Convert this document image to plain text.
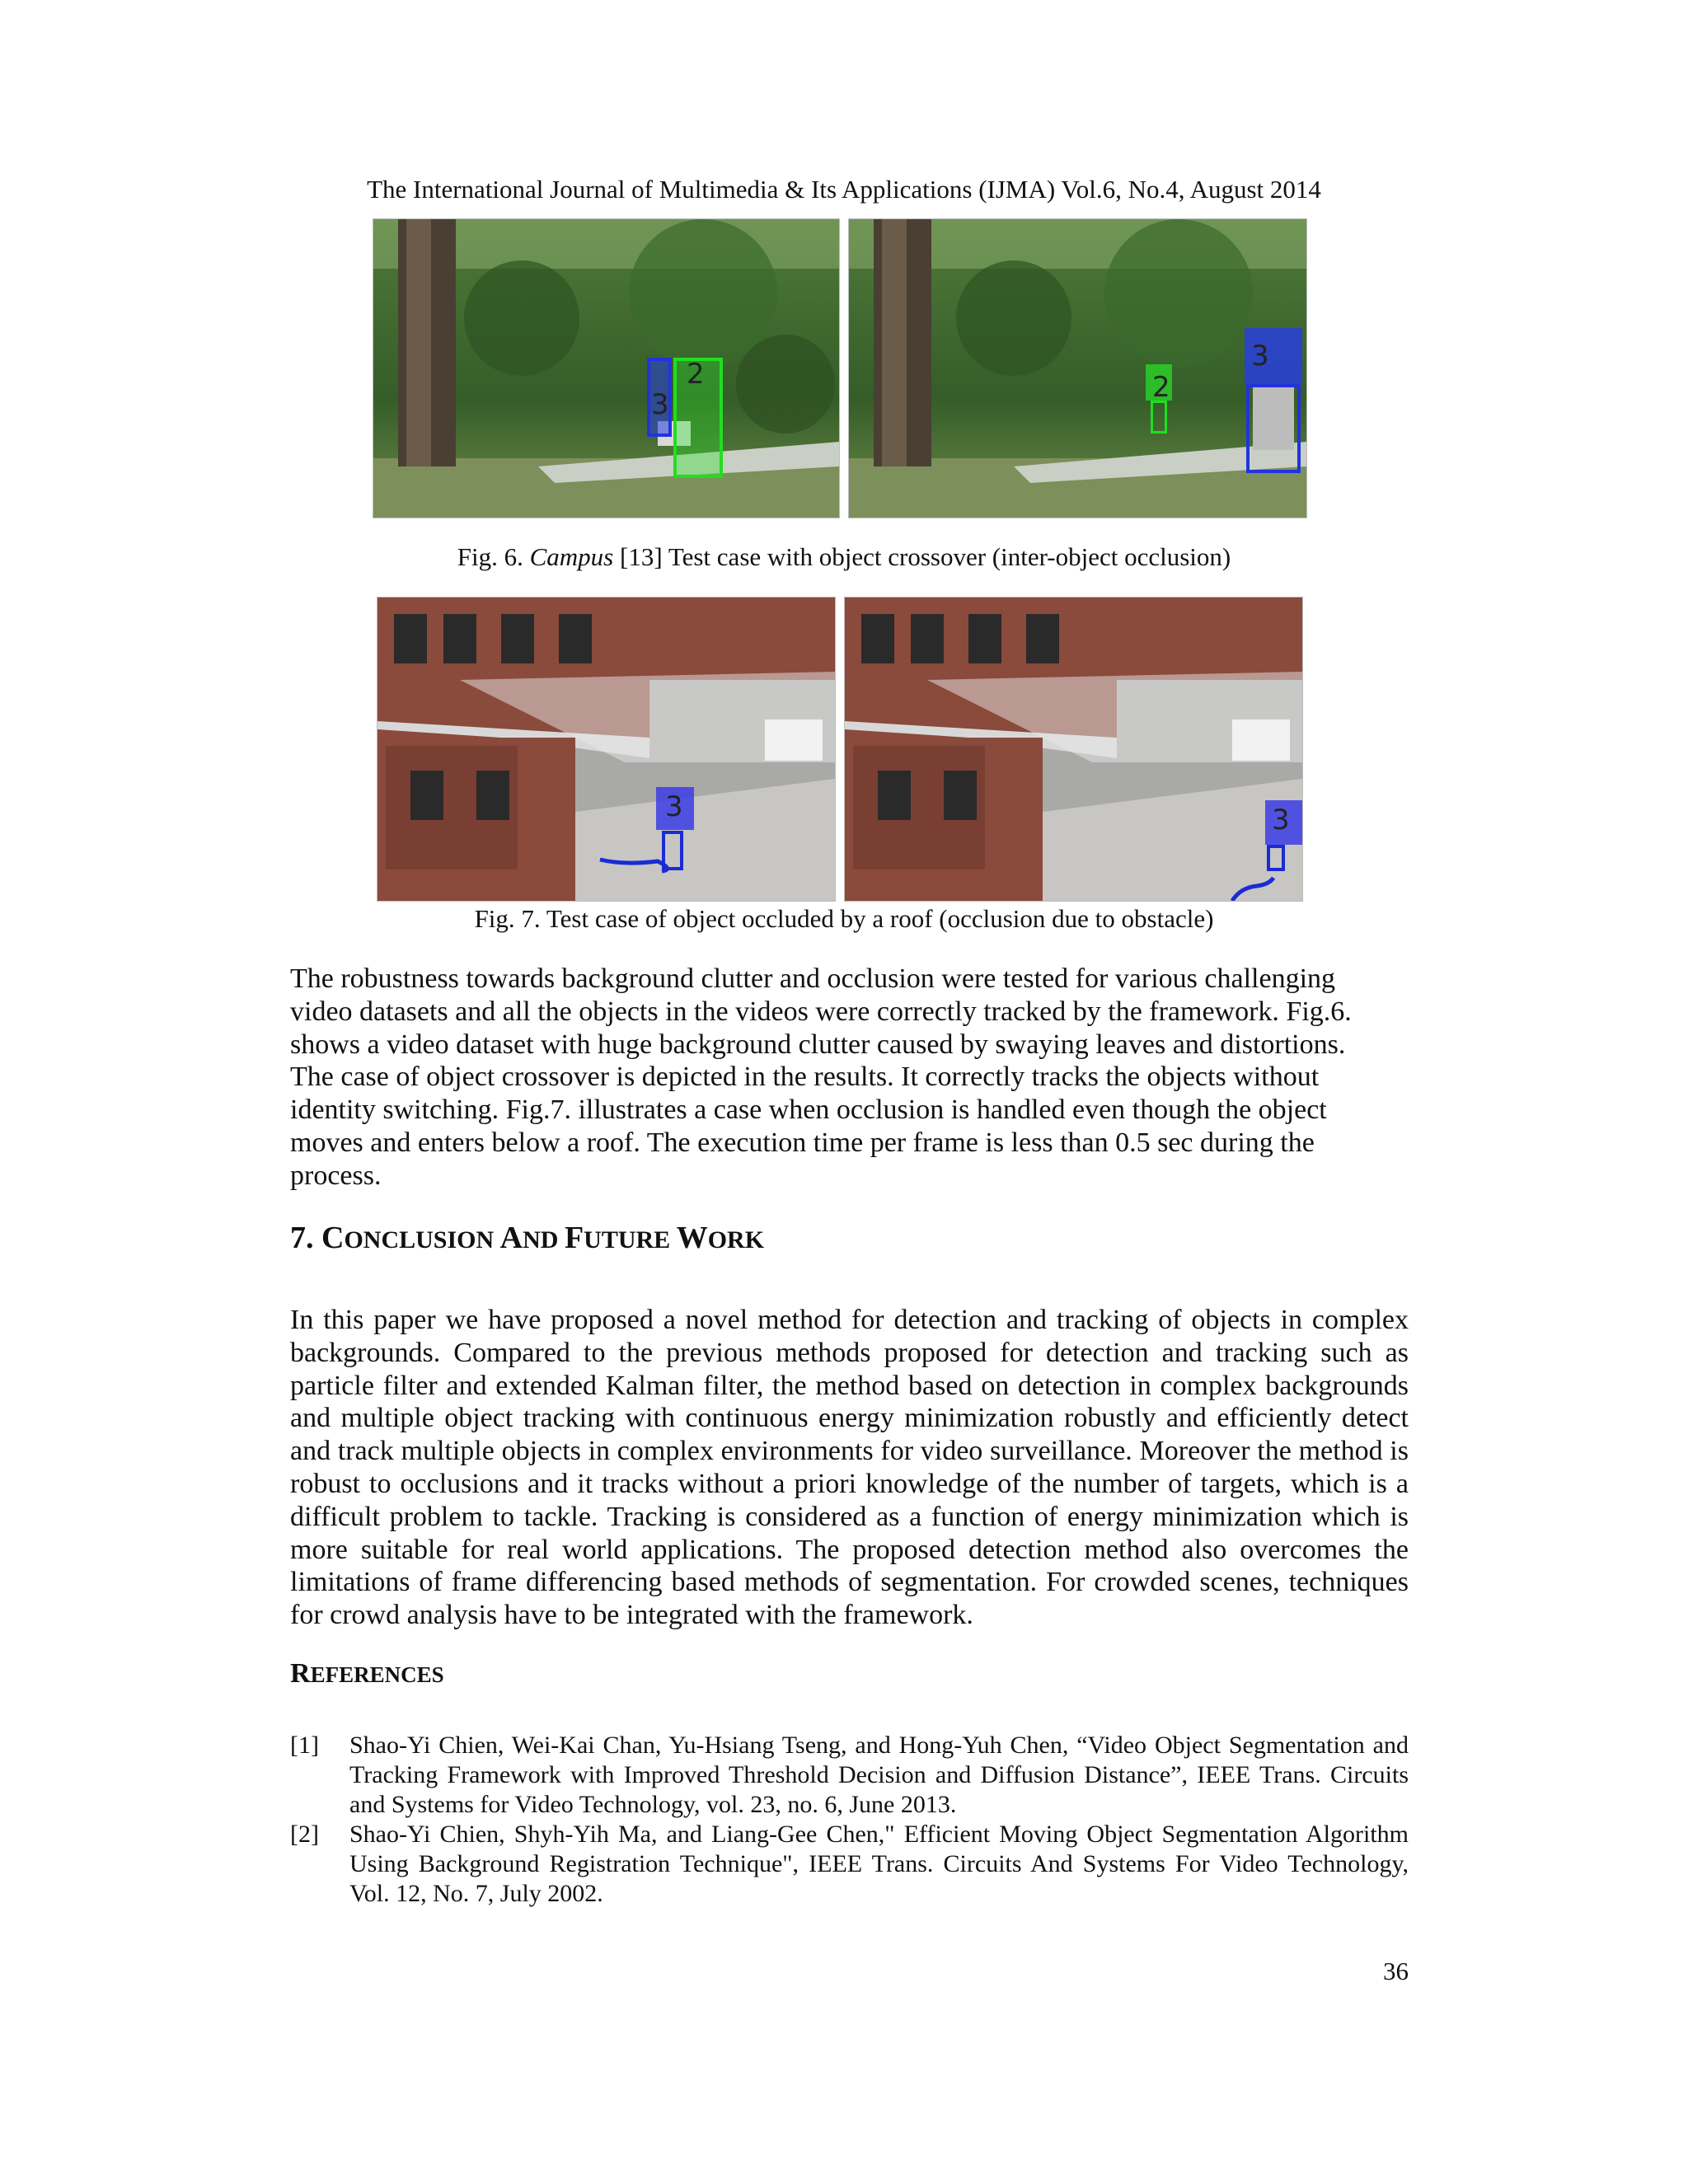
The International Journal of Multimedia & Its Applications (IJMA) Vol.6, No.4, August 2014
3
2	2
3
Fig. 6. Campus [13] Test case with object crossover (inter-object occlusion)
3	3
Fig. 7. Test case of object occluded by a roof (occlusion due to obstacle)

The robustness towards background clutter and occlusion were tested for various challenging video datasets and all the objects in the videos were correctly tracked by the framework. Fig.6. shows a video dataset with huge background clutter caused by swaying leaves and distortions. The case of object crossover is depicted in the results. It correctly tracks the objects without identity switching. Fig.7. illustrates a case when occlusion is handled even though the object moves and enters below a roof. The execution time per frame is less than 0.5 sec during the process.

7. CONCLUSION AND FUTURE WORK

In this paper we have proposed a novel method for detection and tracking of objects in complex backgrounds. Compared to the previous methods proposed for detection and tracking such as particle filter and extended Kalman filter, the method based on detection in complex backgrounds and multiple object tracking with continuous energy minimization robustly and efficiently detect and track multiple objects in complex environments for video surveillance. Moreover the method is robust to occlusions and it tracks without a priori knowledge of the number of targets, which is a difficult problem to tackle. Tracking is considered as a function of energy minimization which is more suitable for real world applications. The proposed detection method also overcomes the limitations of frame differencing based methods of segmentation. For crowded scenes, techniques for crowd analysis have to be integrated with the framework.

REFERENCES
[1]	Shao-Yi Chien, Wei-Kai Chan, Yu-Hsiang Tseng, and Hong-Yuh Chen, “Video Object Segmentation and Tracking Framework with Improved Threshold Decision and Diffusion Distance”, IEEE Trans. Circuits and Systems for Video Technology, vol. 23, no. 6, June 2013.
[2]	Shao-Yi Chien, Shyh-Yih Ma, and Liang-Gee Chen," Efficient Moving Object Segmentation Algorithm Using Background Registration Technique", IEEE Trans. Circuits And Systems For Video Technology, Vol. 12, No. 7, July 2002.
36
